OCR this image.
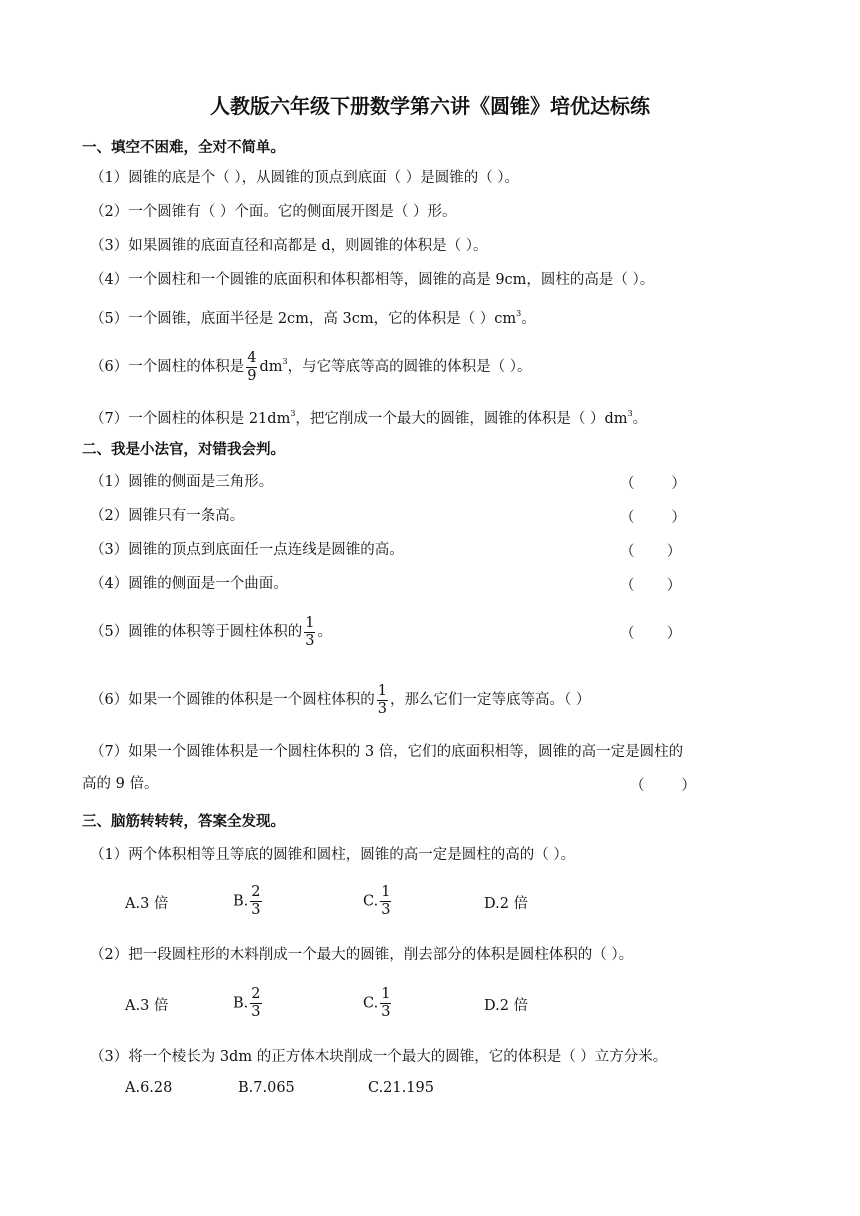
人教版六年级下册数学第六讲《圆锥》培优达标练
一、填空不困难，全对不简单。
（1）圆锥的底是个（ ），从圆锥的顶点到底面（ ）是圆锥的（ ）。
（2）一个圆锥有（ ）个面。它的侧面展开图是（ ）形。
（3）如果圆锥的底面直径和高都是 d，则圆锥的体积是（ ）。
（4）一个圆柱和一个圆锥的底面积和体积都相等，圆锥的高是 9cm，圆柱的高是（ ）。
（5）一个圆锥，底面半径是 2cm，高 3cm，它的体积是（ ）$cm^3$。
（6）一个圆柱的体积是 $\frac{4}{9} dm^3$，与它等底等高的圆锥的体积是（ ）。
（7）一个圆柱的体积是 $21dm^3$，把它削成一个最大的圆锥，圆锥的体积是（ ）$dm^3$。
二、我是小法官，对错我会判。
（1）圆锥的侧面是三角形。	（        ）
（2）圆锥只有一条高。	（        ）
（3）圆锥的顶点到底面任一点连线是圆锥的高。	（       ）
（4）圆锥的侧面是一个曲面。	（       ）
（5）圆锥的体积等于圆柱体积的 $\frac{1}{3}$ 。	（       ）
（6）如果一个圆锥的体积是一个圆柱体积的 $\frac{1}{3}$ ，那么它们一定等底等高。（ ）
（7）如果一个圆锥体积是一个圆柱体积的 3 倍，它们的底面积相等，圆锥的高一定是圆柱的
高的 9 倍。	（        ）
三、脑筋转转转，答案全发现。
（1）两个体积相等且等底的圆锥和圆柱，圆锥的高一定是圆柱的高的（ ）。
A.3 倍	B. $\frac{2}{3}$	C. $\frac{1}{3}$	D.2 倍
（2）把一段圆柱形的木料削成一个最大的圆锥，削去部分的体积是圆柱体积的（ ）。
A.3 倍	B. $\frac{2}{3}$	C. $\frac{1}{3}$	D.2 倍
（3）将一个棱长为 3dm 的正方体木块削成一个最大的圆锥，它的体积是（ ）立方分米。
A.6.28	B.7.065	C.21.195
